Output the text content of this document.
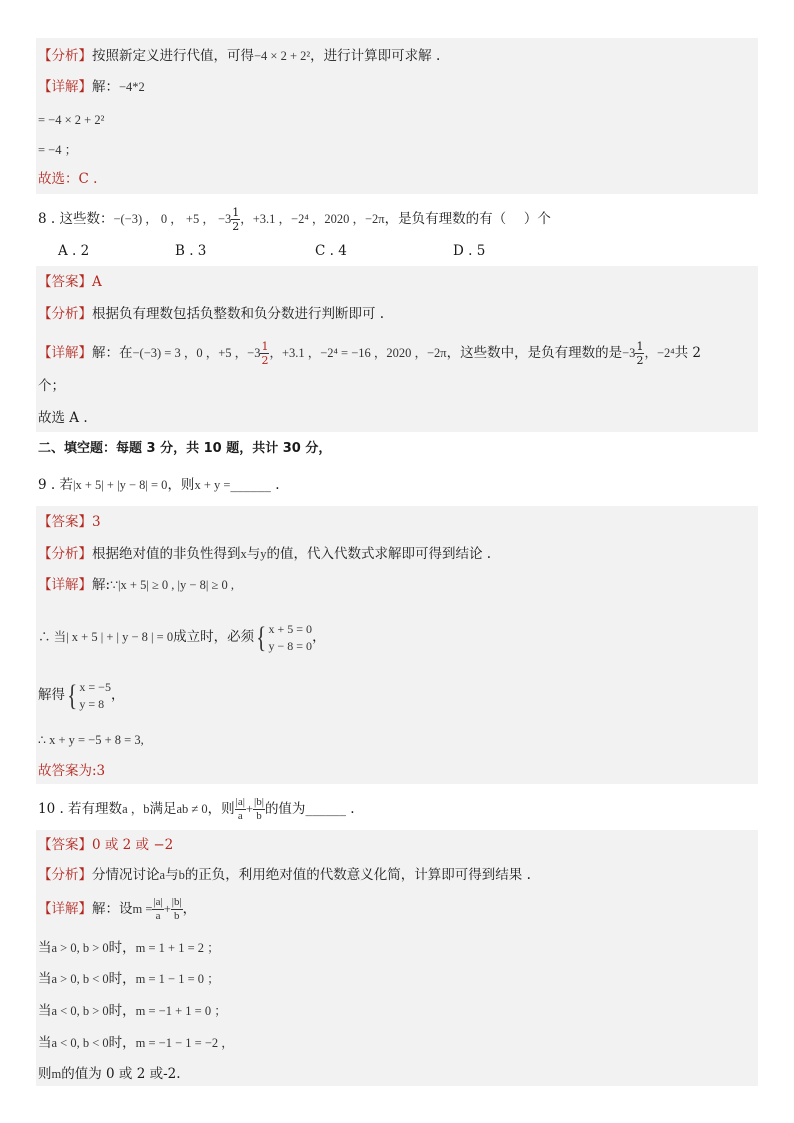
【分析】按照新定义进行代值，可得−4 × 2 + 2²，进行计算即可求解 .
【详解】解：−4*2
= −4 × 2 + 2²
= −4 ；
故选：C .
8 . 这些数：−(−3) ， 0 ， +5 ， $-3 \frac{1}{2}$ ，+3.1 ，−2⁴ ，2020 ，−2π，是负有理数的有（　 ）个
A . 2	B . 3	C . 4	D . 5
【答案】A
【分析】根据负有理数包括负整数和负分数进行判断即可 .
【详解】解：在−(−3) = 3 ，0 ，+5 ，$-3 \frac{1}{2}$ ，+3.1 ，−2⁴ = −16 ，2020 ，−2π，这些数中，是负有理数的是$-3 \frac{1}{2}$ ，−2⁴共 2
个；
故选 A .
二、填空题：每题 3 分，共 10 题，共计 30 分，
9 . 若|x + 5| + |y − 8| = 0，则x + y =______ .
【答案】3
【分析】根据绝对值的非负性得到x与y的值，代入代数式求解即可得到结论 .
【详解】解:∵|x + 5| ≥ 0 , |y − 8| ≥ 0 ,
∴ 当| x + 5 | + | y − 8 | = 0成立时，必须 { x + 5 = 0
y − 8 = 0
，
解得 { x = −5
y = 8
，
∴ x + y = −5 + 8 = 3,
故答案为:3
10 . 若有理数a ，b满足ab ≠ 0，则 $\frac{|a|}{a} + \frac{|b|}{b}$ 的值为______ .
【答案】0 或 2 或 −2
【分析】分情况讨论a与b的正负，利用绝对值的代数意义化简，计算即可得到结果 .
【详解】解：设$m = \frac{|a|}{a} + \frac{|b|}{b}$ ，
当a > 0, b > 0时，m = 1 + 1 = 2 ；
当a > 0, b < 0时，m = 1 − 1 = 0 ；
当a < 0, b > 0时，m = −1 + 1 = 0 ；
当a < 0, b < 0时，m = −1 − 1 = −2 ，
则m的值为 0 或 2 或-2.
